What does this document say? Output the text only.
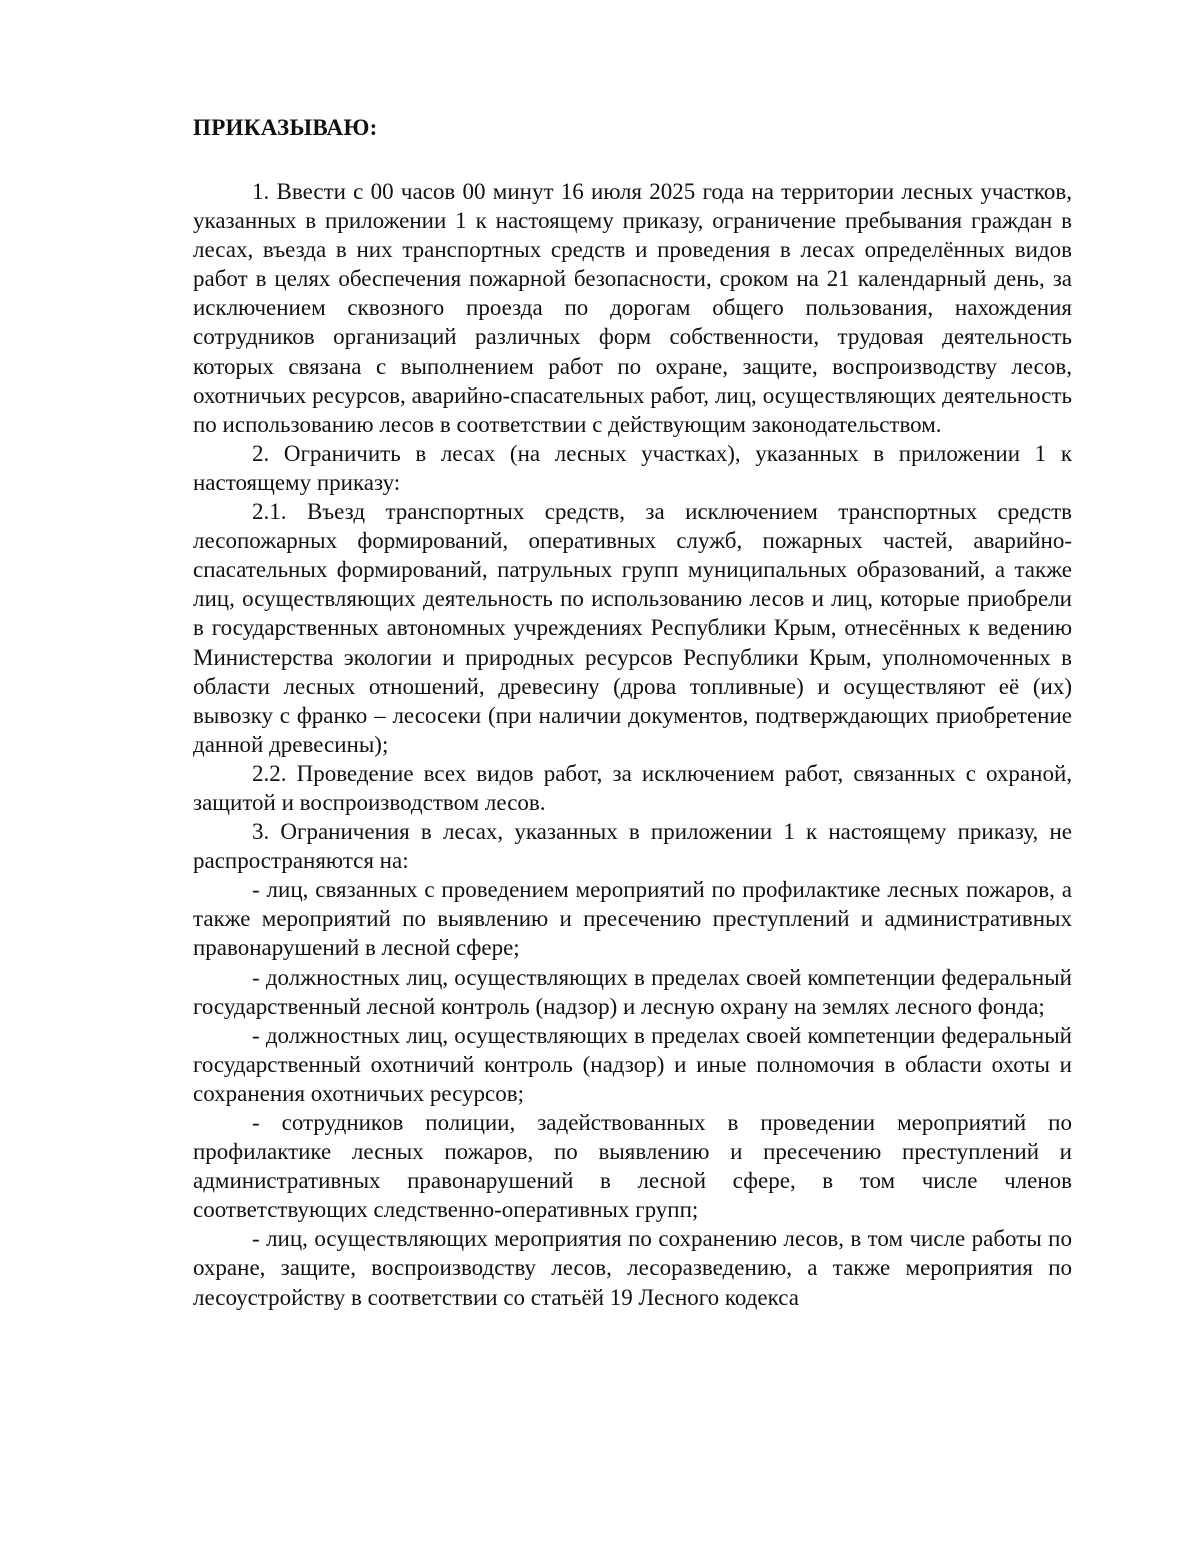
ПРИКАЗЫВАЮ:

1. Ввести с 00 часов 00 минут 16 июля 2025 года на территории лесных участков, указанных в приложении 1 к настоящему приказу, ограничение пребывания граждан в лесах, въезда в них транспортных средств и проведения в лесах определённых видов работ в целях обеспечения пожарной безопасности, сроком на 21 календарный день, за исключением сквозного проезда по дорогам общего пользования, нахождения сотрудников организаций различных форм собственности, трудовая деятельность которых связана с выполнением работ по охране, защите, воспроизводству лесов, охотничьих ресурсов, аварийно-спасательных работ, лиц, осуществляющих деятельность по использованию лесов в соответствии с действующим законодательством.

2. Ограничить в лесах (на лесных участках), указанных в приложении 1 к настоящему приказу:

2.1. Въезд транспортных средств, за исключением транспортных средств лесопожарных формирований, оперативных служб, пожарных частей, аварийно-спасательных формирований, патрульных групп муниципальных образований, а также лиц, осуществляющих деятельность по использованию лесов и лиц, которые приобрели в государственных автономных учреждениях Республики Крым, отнесённых к ведению Министерства экологии и природных ресурсов Республики Крым, уполномоченных в области лесных отношений, древесину (дрова топливные) и осуществляют её (их) вывозку с франко – лесосеки (при наличии документов, подтверждающих приобретение данной древесины);

2.2. Проведение всех видов работ, за исключением работ, связанных с охраной, защитой и воспроизводством лесов.

3. Ограничения в лесах, указанных в приложении 1 к настоящему приказу, не распространяются на:

- лиц, связанных с проведением мероприятий по профилактике лесных пожаров, а также мероприятий по выявлению и пресечению преступлений и административных правонарушений в лесной сфере;

- должностных лиц, осуществляющих в пределах своей компетенции федеральный государственный лесной контроль (надзор) и лесную охрану на землях лесного фонда;

- должностных лиц, осуществляющих в пределах своей компетенции федеральный государственный охотничий контроль (надзор) и иные полномочия в области охоты и сохранения охотничьих ресурсов;

- сотрудников полиции, задействованных в проведении мероприятий по профилактике лесных пожаров, по выявлению и пресечению преступлений и административных правонарушений в лесной сфере, в том числе членов соответствующих следственно-оперативных групп;

- лиц, осуществляющих мероприятия по сохранению лесов, в том числе работы по охране, защите, воспроизводству лесов, лесоразведению, а также мероприятия по лесоустройству в соответствии со статьёй 19 Лесного кодекса
